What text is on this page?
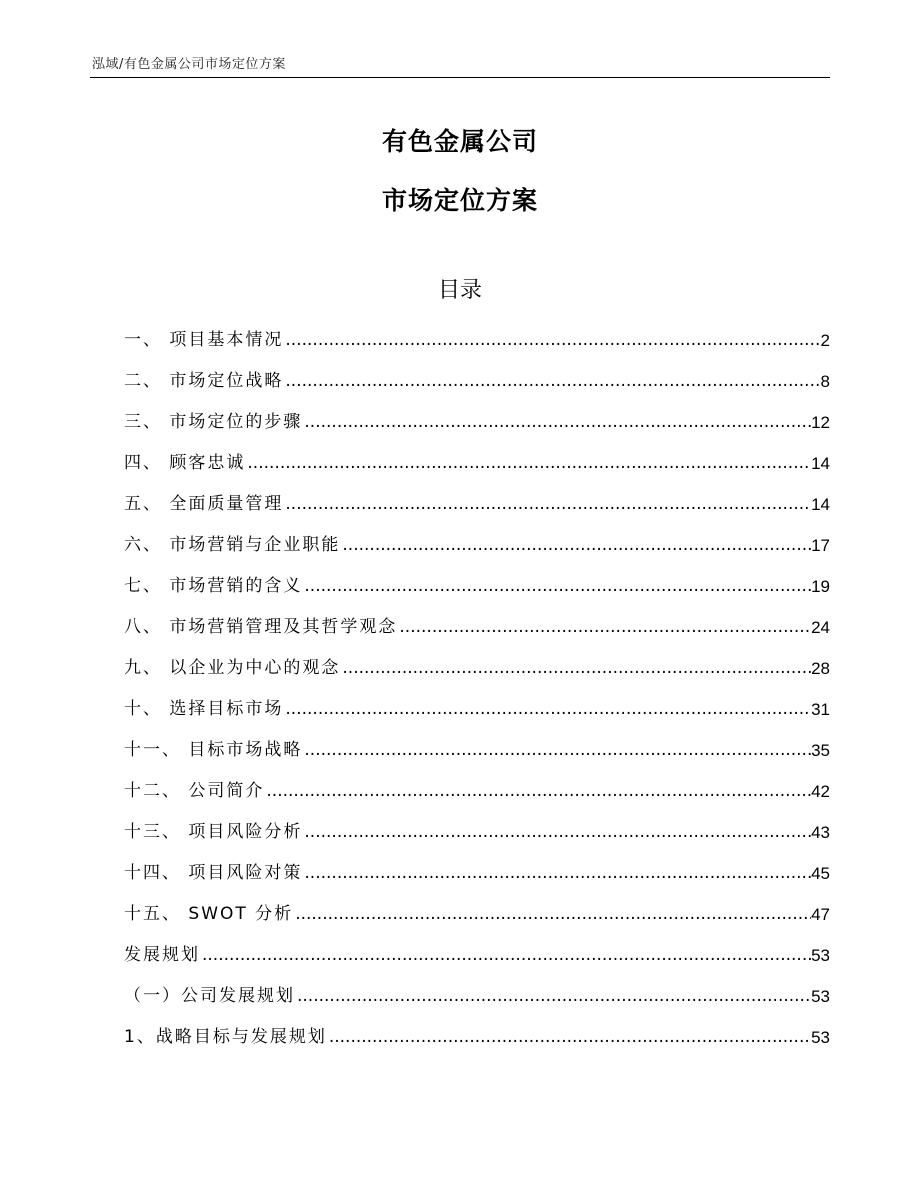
泓域/有色金属公司市场定位方案
有色金属公司
市场定位方案
目录
一、 项目基本情况 .....	2
二、 市场定位战略 .....	8
三、 市场定位的步骤 .....	12
四、 顾客忠诚 .....	14
五、 全面质量管理 .....	14
六、 市场营销与企业职能 .....	17
七、 市场营销的含义 .....	19
八、 市场营销管理及其哲学观念 .....	24
九、 以企业为中心的观念 .....	28
十、 选择目标市场 .....	31
十一、 目标市场战略 .....	35
十二、 公司简介 .....	42
十三、 项目风险分析 .....	43
十四、 项目风险对策 .....	45
十五、 SWOT 分析 .....	47
发展规划 .....	53
（一）公司发展规划 .....	53
1、战略目标与发展规划 .....	53
